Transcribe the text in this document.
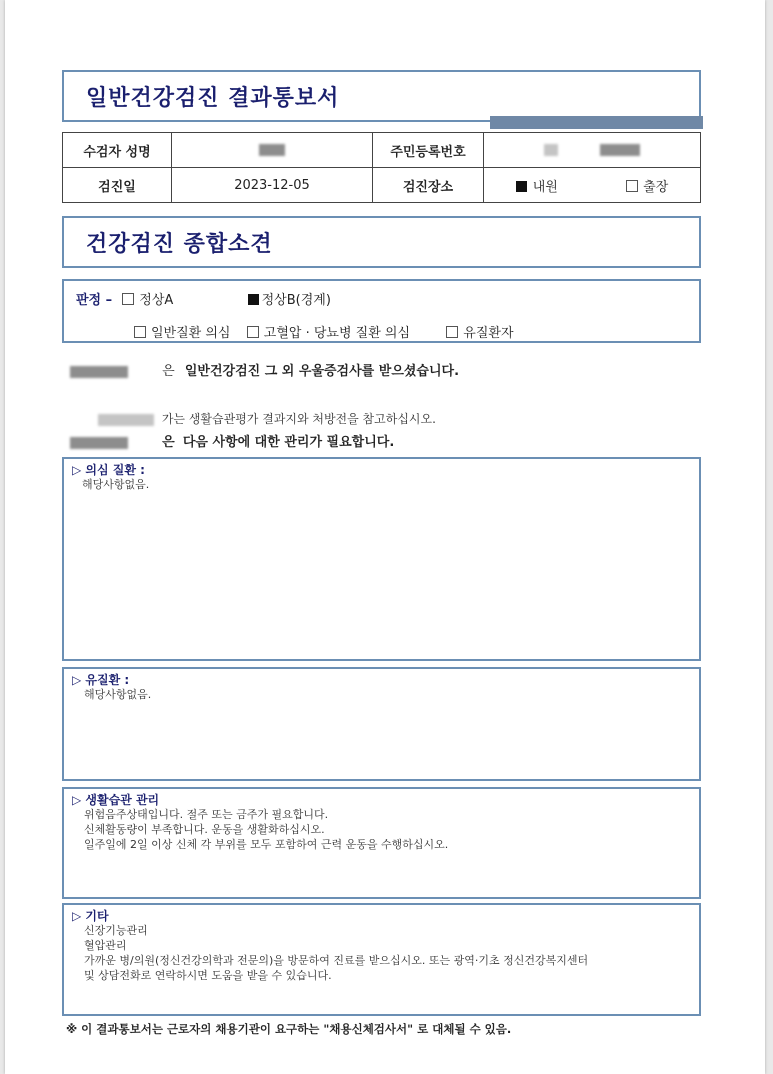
일반건강검진 결과통보서
수검자 성명		주민등록번호	
검진일	2023-12-05	검진장소	내원 출장
건강검진 종합소견
판정 – 정상A	정상B(경계)
일반질환 의심	고혈압 · 당뇨병 질환 의심	유질환자
은 일반건강검진 그 외 우울증검사를 받으셨습니다.
가는 생활습관평가 결과지와 처방전을 참고하십시오.
은 다음 사항에 대한 관리가 필요합니다.
▷ 의심 질환 :
해당사항없음.
▷ 유질환 :
해당사항없음.
▷ 생활습관 관리
위험음주상태입니다. 절주 또는 금주가 필요합니다.
신체활동량이 부족합니다. 운동을 생활화하십시오.
일주일에 2일 이상 신체 각 부위를 모두 포함하여 근력 운동을 수행하십시오.
▷ 기타
신장기능관리
혈압관리
가까운 병/의원(정신건강의학과 전문의)을 방문하여 진료를 받으십시오. 또는 광역·기초 정신건강복지센터
및 상담전화로 연락하시면 도움을 받을 수 있습니다.
※ 이 결과통보서는 근로자의 채용기관이 요구하는 "채용신체검사서" 로 대체될 수 있음.
